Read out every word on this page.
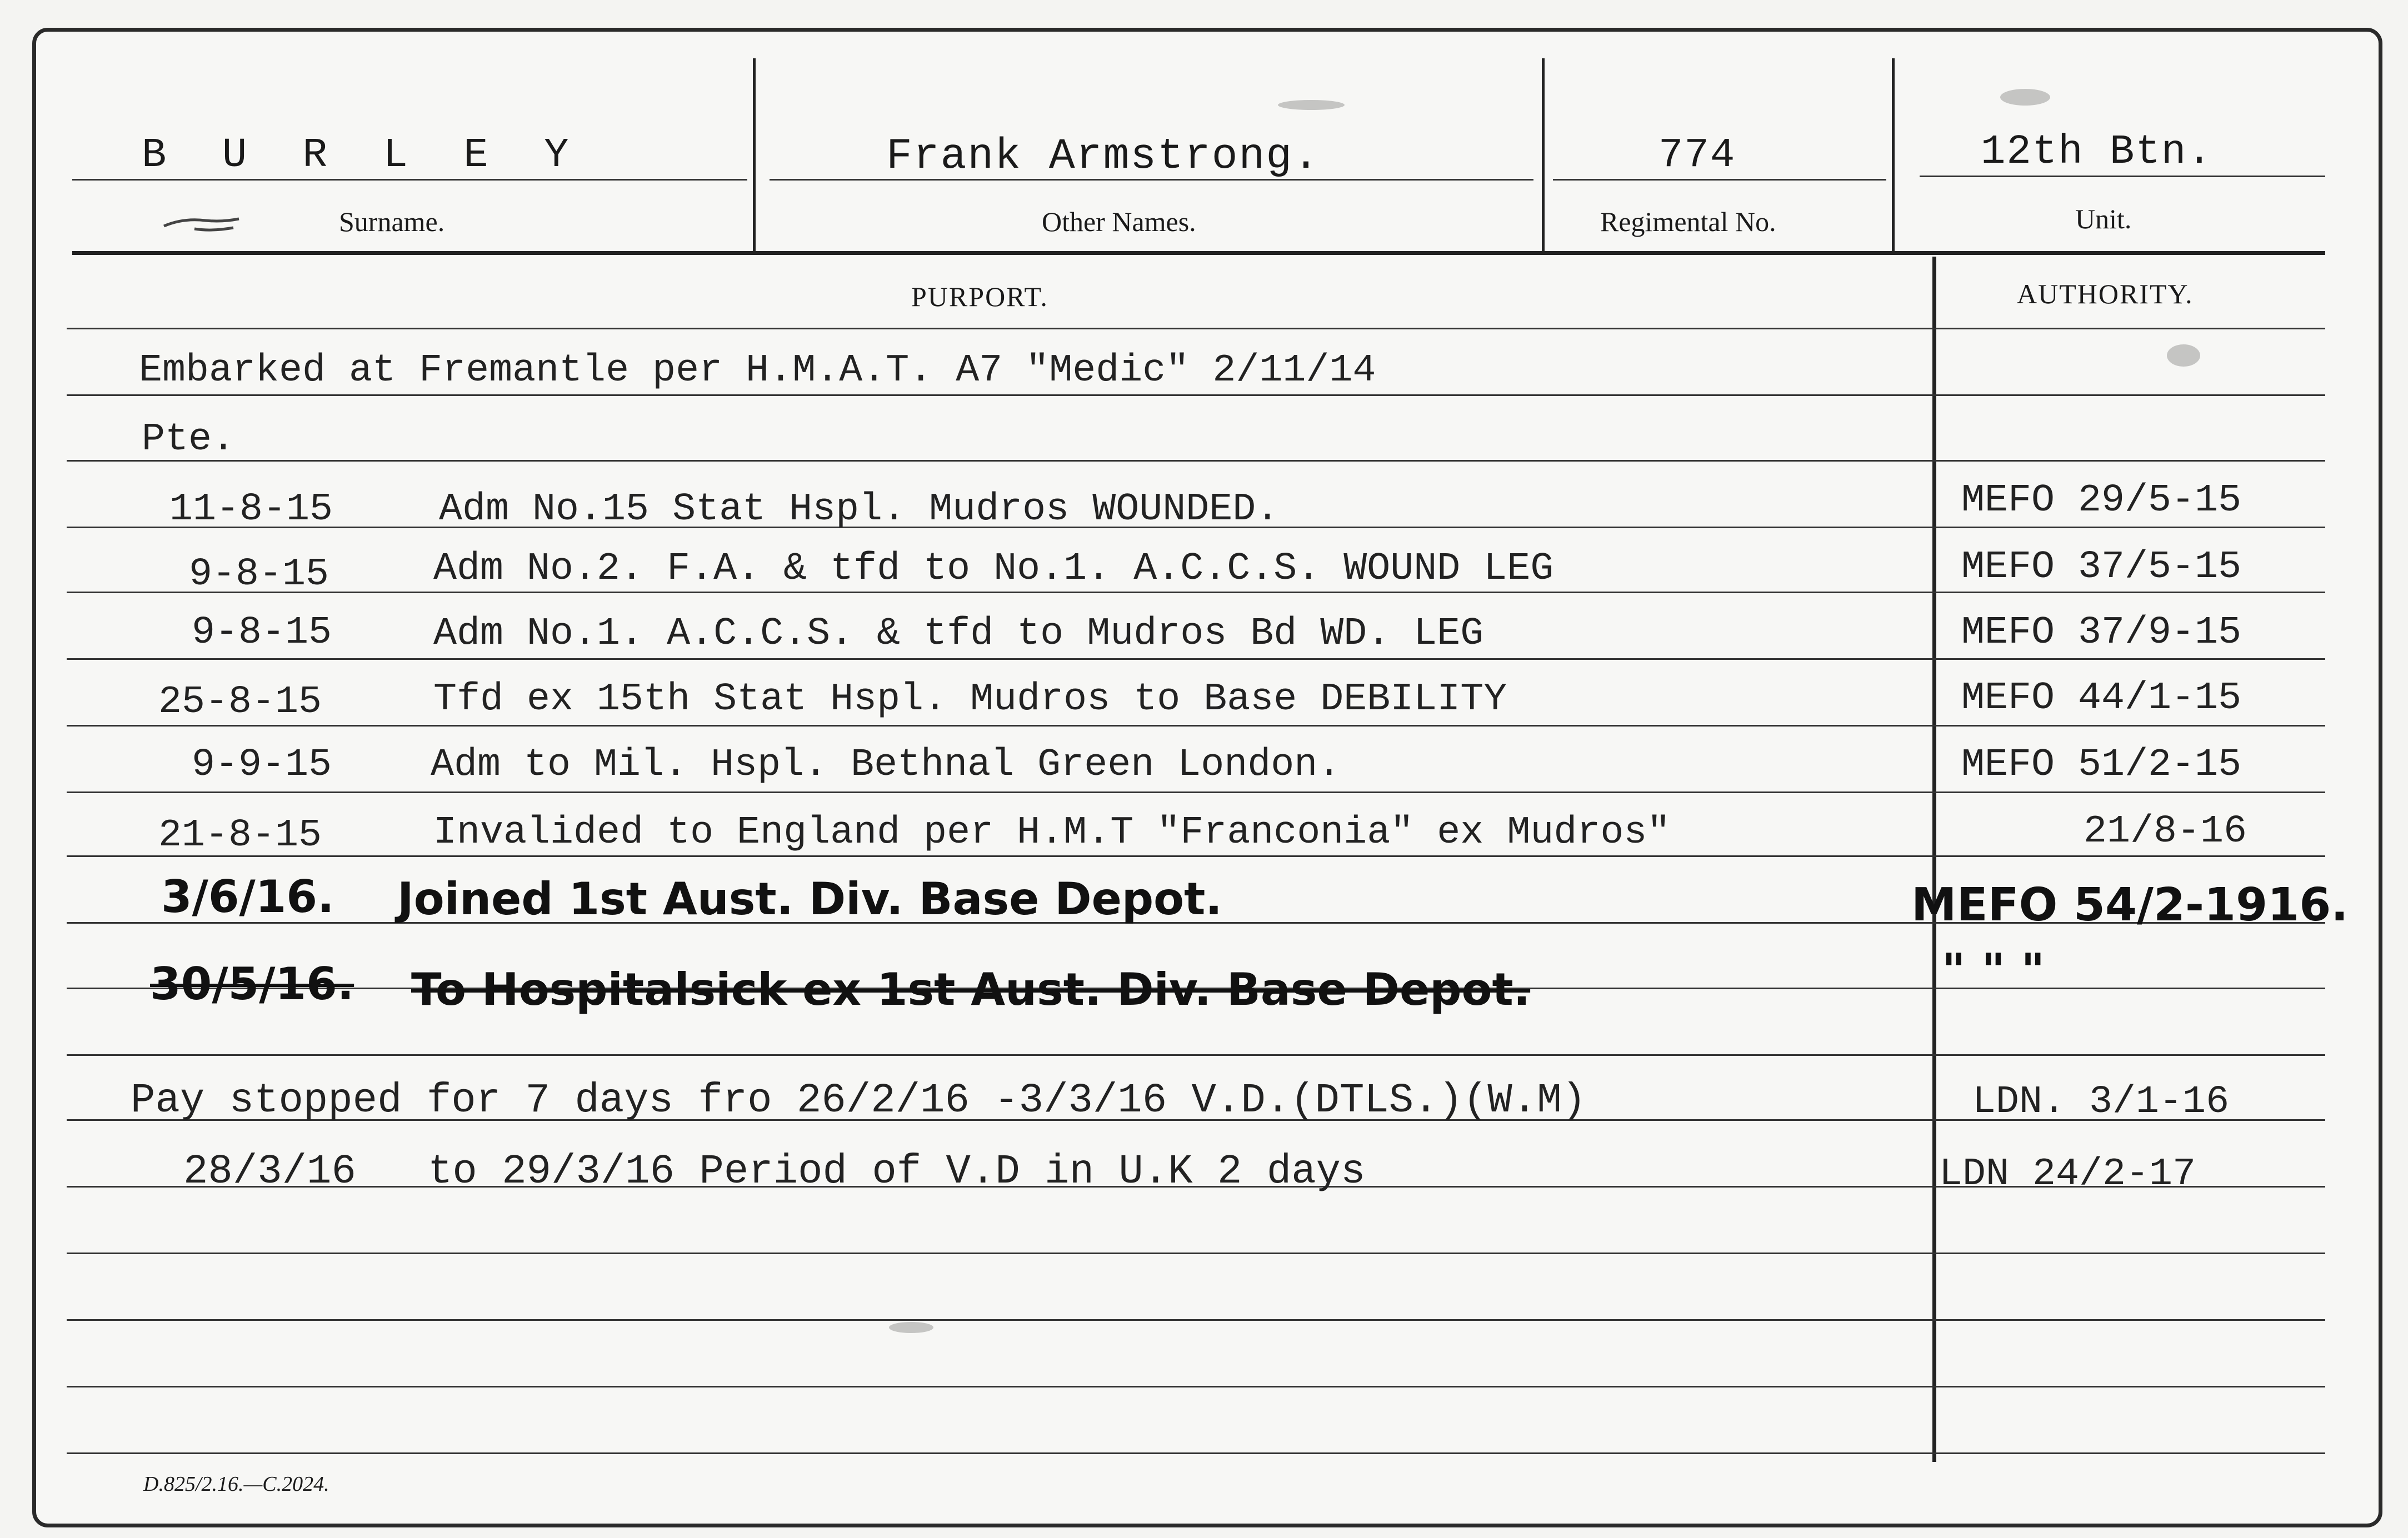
B U R L E Y
Surname.
Frank Armstrong.
Other Names.
774
Regimental No.
12th Btn.
Unit.
PURPORT.	AUTHORITY.
Embarked at Fremantle per H.M.A.T. A7 "Medic" 2/11/14
Pte.
11-8-15	Adm No.15 Stat Hspl. Mudros WOUNDED.	MEFO 29/5-15
9-8-15	Adm No.2. F.A. & tfd to No.1. A.C.C.S. WOUND LEG	MEFO 37/5-15
9-8-15	Adm No.1. A.C.C.S. & tfd to Mudros Bd WD. LEG	MEFO 37/9-15
25-8-15	Tfd ex 15th Stat Hspl. Mudros to Base DEBILITY	MEFO 44/1-15
9-9-15	Adm to Mil. Hspl. Bethnal Green London.	MEFO 51/2-15
21-8-15	Invalided to England per H.M.T "Franconia" ex Mudros"	21/8-16
3/6/16. Joined 1st Aust. Div. Base Depot.	MEFO 54/2-1916.
30/5/16. To Hospitalsick ex 1st Aust. Div. Base Depot.	" " "
Pay stopped for 7 days fro 26/2/16 -3/3/16 V.D.(DTLS.)(W.M)	LDN. 3/1-16
28/3/16 to 29/3/16 Period of V.D in U.K 2 days	LDN 24/2-17
D.825/2.16.—C.2024.
